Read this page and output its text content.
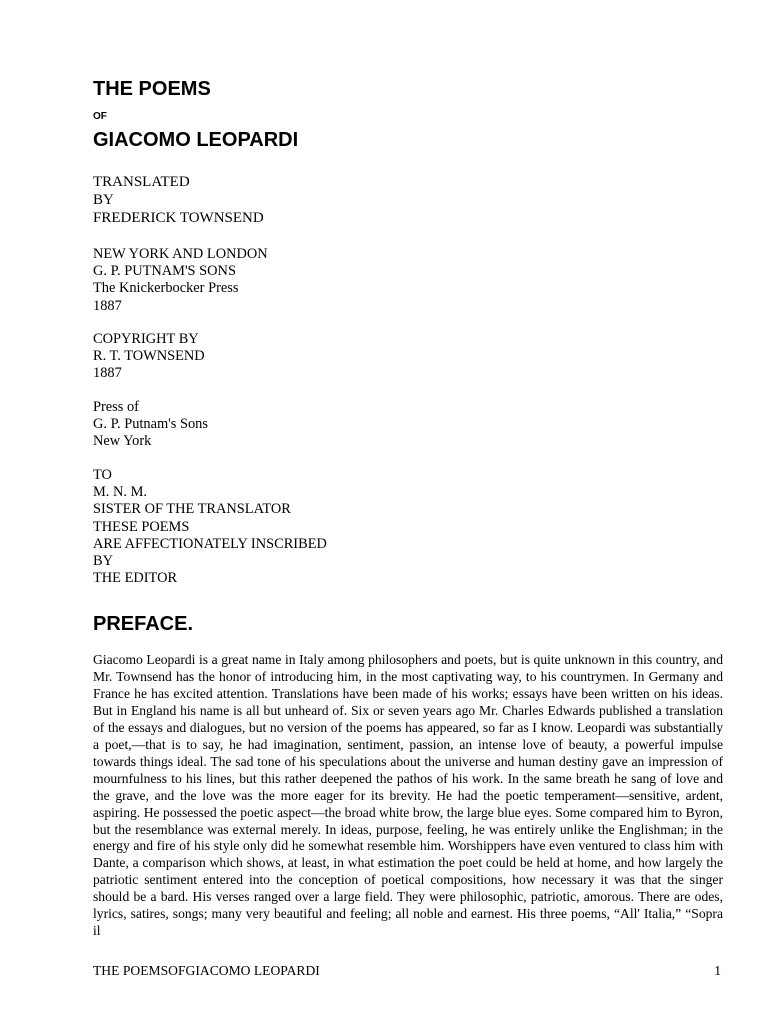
THE POEMS
OF
GIACOMO LEOPARDI
TRANSLATED
BY
FREDERICK TOWNSEND
NEW YORK AND LONDON
G. P. PUTNAM'S SONS
The Knickerbocker Press
1887
COPYRIGHT BY
R. T. TOWNSEND
1887
Press of
G. P. Putnam's Sons
New York
TO
M. N. M.
SISTER OF THE TRANSLATOR
THESE POEMS
ARE AFFECTIONATELY INSCRIBED
BY
THE EDITOR
PREFACE.

Giacomo Leopardi is a great name in Italy among philosophers and poets, but is quite unknown in this country, and Mr. Townsend has the honor of introducing him, in the most captivating way, to his countrymen. In Germany and France he has excited attention. Translations have been made of his works; essays have been written on his ideas. But in England his name is all but unheard of. Six or seven years ago Mr. Charles Edwards published a translation of the essays and dialogues, but no version of the poems has appeared, so far as I know. Leopardi was substantially a poet,—that is to say, he had imagination, sentiment, passion, an intense love of beauty, a powerful impulse towards things ideal. The sad tone of his speculations about the universe and human destiny gave an impression of mournfulness to his lines, but this rather deepened the pathos of his work. In the same breath he sang of love and the grave, and the love was the more eager for its brevity. He had the poetic temperament—sensitive, ardent, aspiring. He possessed the poetic aspect—the broad white brow, the large blue eyes. Some compared him to Byron, but the resemblance was external merely. In ideas, purpose, feeling, he was entirely unlike the Englishman; in the energy and fire of his style only did he somewhat resemble him. Worshippers have even ventured to class him with Dante, a comparison which shows, at least, in what estimation the poet could be held at home, and how largely the patriotic sentiment entered into the conception of poetical compositions, how necessary it was that the singer should be a bard. His verses ranged over a large field. They were philosophic, patriotic, amorous. There are odes, lyrics, satires, songs; many very beautiful and feeling; all noble and earnest. His three poems, “All' Italia,” “Sopra il

THE POEMSOFGIACOMO LEOPARDI	1
